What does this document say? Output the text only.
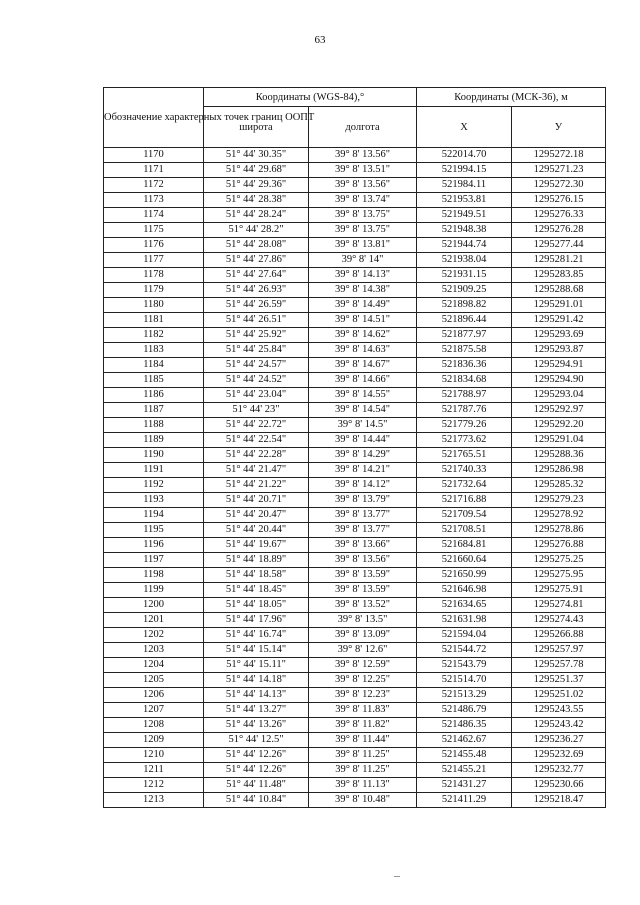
63
Обозначение характерных точек границ ООПТ	Координаты (WGS-84),°		Координаты (МСК-36), м	
	широта	долгота	X	У
1170	51° 44' 30.35"	39° 8' 13.56"	522014.70	1295272.18
1171	51° 44' 29.68"	39° 8' 13.51"	521994.15	1295271.23
1172	51° 44' 29.36"	39° 8' 13.56"	521984.11	1295272.30
1173	51° 44' 28.38"	39° 8' 13.74"	521953.81	1295276.15
1174	51° 44' 28.24"	39° 8' 13.75"	521949.51	1295276.33
1175	51° 44' 28.2"	39° 8' 13.75"	521948.38	1295276.28
1176	51° 44' 28.08"	39° 8' 13.81"	521944.74	1295277.44
1177	51° 44' 27.86"	39° 8' 14"	521938.04	1295281.21
1178	51° 44' 27.64"	39° 8' 14.13"	521931.15	1295283.85
1179	51° 44' 26.93"	39° 8' 14.38"	521909.25	1295288.68
1180	51° 44' 26.59"	39° 8' 14.49"	521898.82	1295291.01
1181	51° 44' 26.51"	39° 8' 14.51"	521896.44	1295291.42
1182	51° 44' 25.92"	39° 8' 14.62"	521877.97	1295293.69
1183	51° 44' 25.84"	39° 8' 14.63"	521875.58	1295293.87
1184	51° 44' 24.57"	39° 8' 14.67"	521836.36	1295294.91
1185	51° 44' 24.52"	39° 8' 14.66"	521834.68	1295294.90
1186	51° 44' 23.04"	39° 8' 14.55"	521788.97	1295293.04
1187	51° 44' 23"	39° 8' 14.54"	521787.76	1295292.97
1188	51° 44' 22.72"	39° 8' 14.5"	521779.26	1295292.20
1189	51° 44' 22.54"	39° 8' 14.44"	521773.62	1295291.04
1190	51° 44' 22.28"	39° 8' 14.29"	521765.51	1295288.36
1191	51° 44' 21.47"	39° 8' 14.21"	521740.33	1295286.98
1192	51° 44' 21.22"	39° 8' 14.12"	521732.64	1295285.32
1193	51° 44' 20.71"	39° 8' 13.79"	521716.88	1295279.23
1194	51° 44' 20.47"	39° 8' 13.77"	521709.54	1295278.92
1195	51° 44' 20.44"	39° 8' 13.77"	521708.51	1295278.86
1196	51° 44' 19.67"	39° 8' 13.66"	521684.81	1295276.88
1197	51° 44' 18.89"	39° 8' 13.56"	521660.64	1295275.25
1198	51° 44' 18.58"	39° 8' 13.59"	521650.99	1295275.95
1199	51° 44' 18.45"	39° 8' 13.59"	521646.98	1295275.91
1200	51° 44' 18.05"	39° 8' 13.52"	521634.65	1295274.81
1201	51° 44' 17.96"	39° 8' 13.5"	521631.98	1295274.43
1202	51° 44' 16.74"	39° 8' 13.09"	521594.04	1295266.88
1203	51° 44' 15.14"	39° 8' 12.6"	521544.72	1295257.97
1204	51° 44' 15.11"	39° 8' 12.59"	521543.79	1295257.78
1205	51° 44' 14.18"	39° 8' 12.25"	521514.70	1295251.37
1206	51° 44' 14.13"	39° 8' 12.23"	521513.29	1295251.02
1207	51° 44' 13.27"	39° 8' 11.83"	521486.79	1295243.55
1208	51° 44' 13.26"	39° 8' 11.82"	521486.35	1295243.42
1209	51° 44' 12.5"	39° 8' 11.44"	521462.67	1295236.27
1210	51° 44' 12.26"	39° 8' 11.25"	521455.48	1295232.69
1211	51° 44' 12.26"	39° 8' 11.25"	521455.21	1295232.77
1212	51° 44' 11.48"	39° 8' 11.13"	521431.27	1295230.66
1213	51° 44' 10.84"	39° 8' 10.48"	521411.29	1295218.47
